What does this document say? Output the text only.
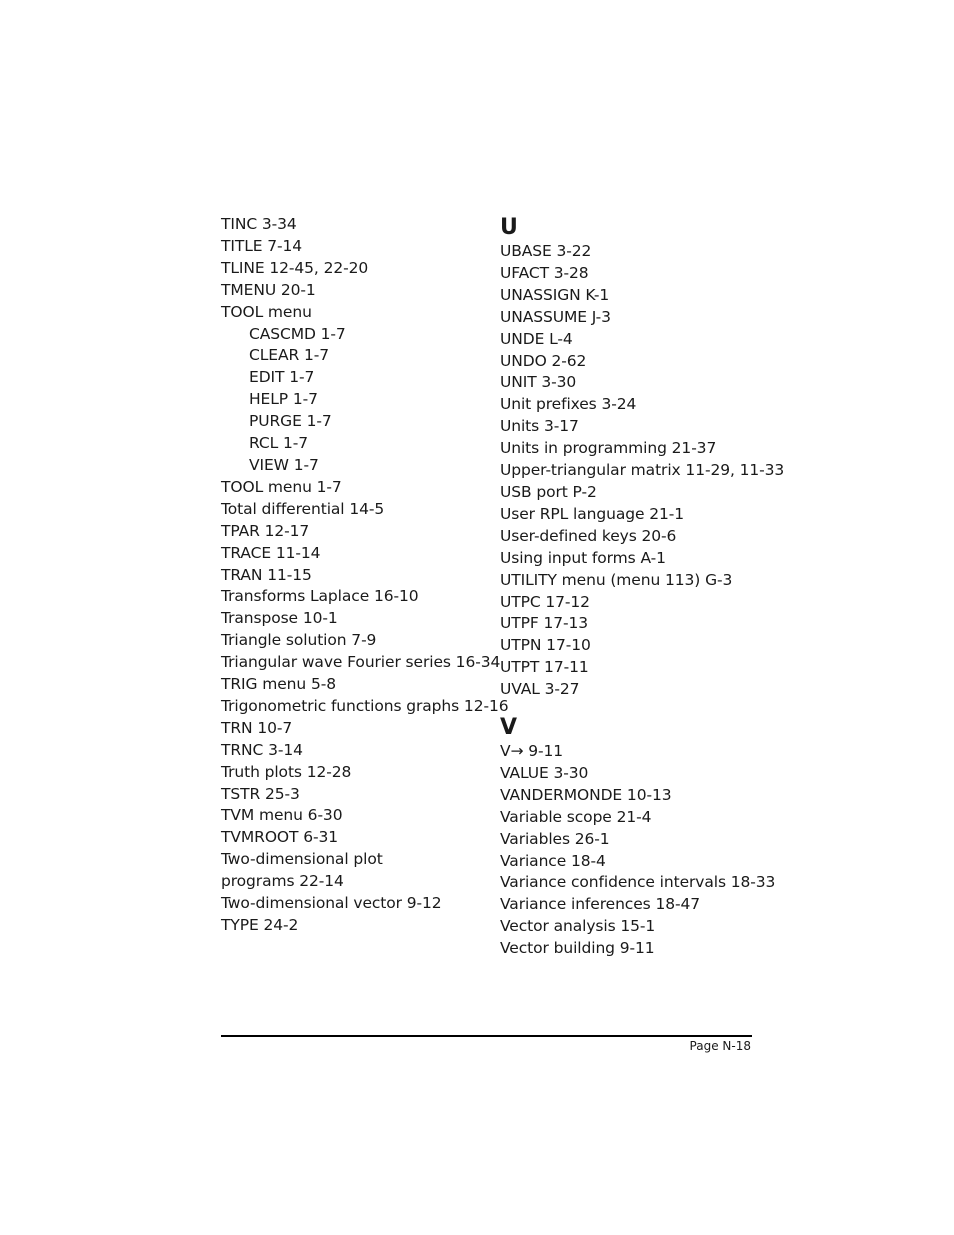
TINC 3-34
TITLE 7-14
TLINE 12-45, 22-20
TMENU 20-1
TOOL menu
CASCMD 1-7
CLEAR 1-7
EDIT 1-7
HELP 1-7
PURGE 1-7
RCL 1-7
VIEW 1-7
TOOL menu 1-7
Total differential 14-5
TPAR 12-17
TRACE 11-14
TRAN 11-15
Transforms Laplace 16-10
Transpose 10-1
Triangle solution 7-9
Triangular wave Fourier series 16-34
TRIG menu 5-8
Trigonometric functions graphs 12-16
TRN 10-7
TRNC 3-14
Truth plots 12-28
TSTR 25-3
TVM menu 6-30
TVMROOT 6-31
Two-dimensional plot programs 22-14
Two-dimensional vector 9-12
TYPE 24-2
U
UBASE 3-22
UFACT 3-28
UNASSIGN K-1
UNASSUME J-3
UNDE L-4
UNDO 2-62
UNIT 3-30
Unit prefixes 3-24
Units 3-17
Units in programming 21-37
Upper-triangular matrix 11-29, 11-33
USB port P-2
User RPL language 21-1
User-defined keys 20-6
Using input forms A-1
UTILITY menu (menu 113) G-3
UTPC 17-12
UTPF 17-13
UTPN 17-10
UTPT 17-11
UVAL 3-27
V
V→ 9-11
VALUE 3-30
VANDERMONDE 10-13
Variable scope 21-4
Variables 26-1
Variance 18-4
Variance confidence intervals 18-33
Variance inferences 18-47
Vector analysis 15-1
Vector building 9-11
Page N-18
